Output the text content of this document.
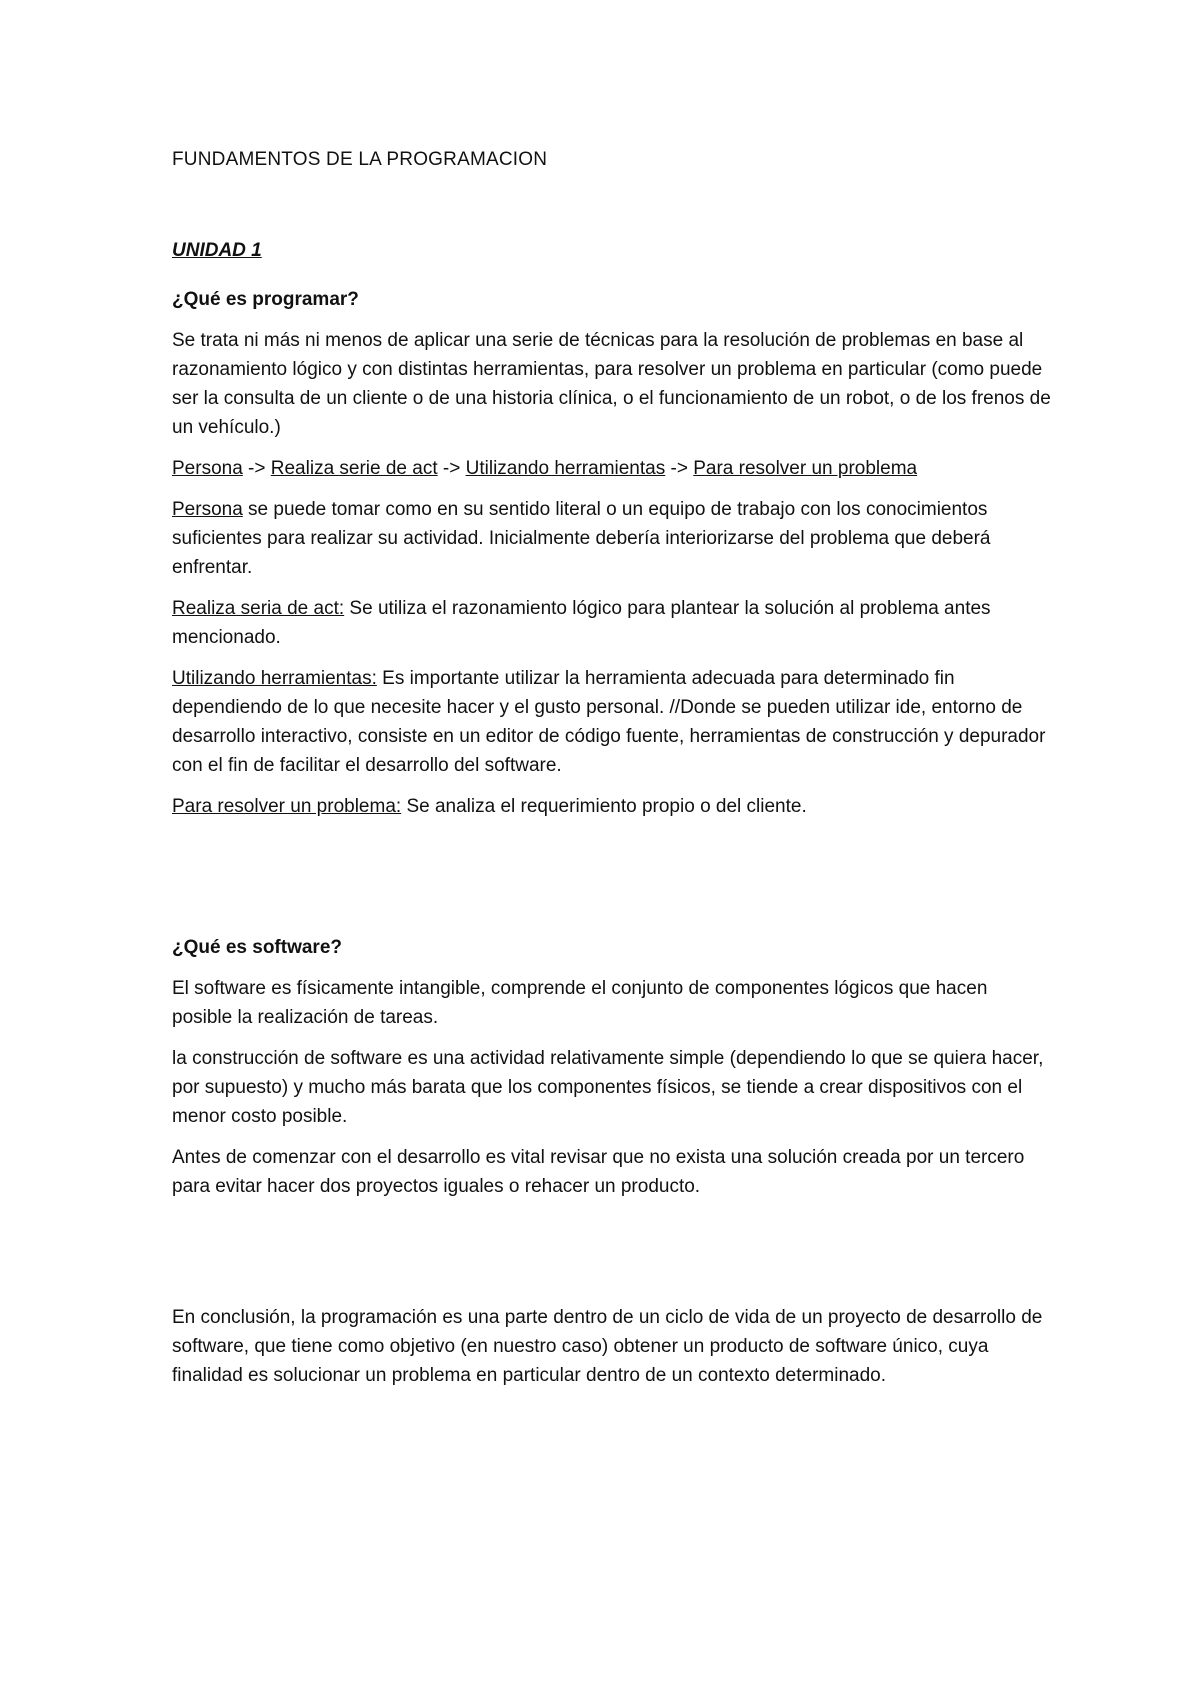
FUNDAMENTOS DE LA PROGRAMACION
UNIDAD 1
¿Qué es programar?

Se trata ni más ni menos de aplicar una serie de técnicas para la resolución de problemas en base al razonamiento lógico y con distintas herramientas, para resolver un problema en particular (como puede ser la consulta de un cliente o de una historia clínica, o el funcionamiento de un robot, o de los frenos de un vehículo.)

Persona -> Realiza serie de act -> Utilizando herramientas -> Para resolver un problema

Persona se puede tomar como en su sentido literal o un equipo de trabajo con los conocimientos suficientes para realizar su actividad. Inicialmente debería interiorizarse del problema que deberá enfrentar.

Realiza seria de act: Se utiliza el razonamiento lógico para plantear la solución al problema antes mencionado.

Utilizando herramientas: Es importante utilizar la herramienta adecuada para determinado fin dependiendo de lo que necesite hacer y el gusto personal. //Donde se pueden utilizar ide, entorno de desarrollo interactivo, consiste en un editor de código fuente, herramientas de construcción y depurador con el fin de facilitar el desarrollo del software.

Para resolver un problema: Se analiza el requerimiento propio o del cliente.

¿Qué es software?

El software es físicamente intangible, comprende el conjunto de componentes lógicos que hacen posible la realización de tareas.

la construcción de software es una actividad relativamente simple (dependiendo lo que se quiera hacer, por supuesto) y mucho más barata que los componentes físicos, se tiende a crear dispositivos con el menor costo posible.

Antes de comenzar con el desarrollo es vital revisar que no exista una solución creada por un tercero para evitar hacer dos proyectos iguales o rehacer un producto.

En conclusión, la programación es una parte dentro de un ciclo de vida de un proyecto de desarrollo de software, que tiene como objetivo (en nuestro caso) obtener un producto de software único, cuya finalidad es solucionar un problema en particular dentro de un contexto determinado.
